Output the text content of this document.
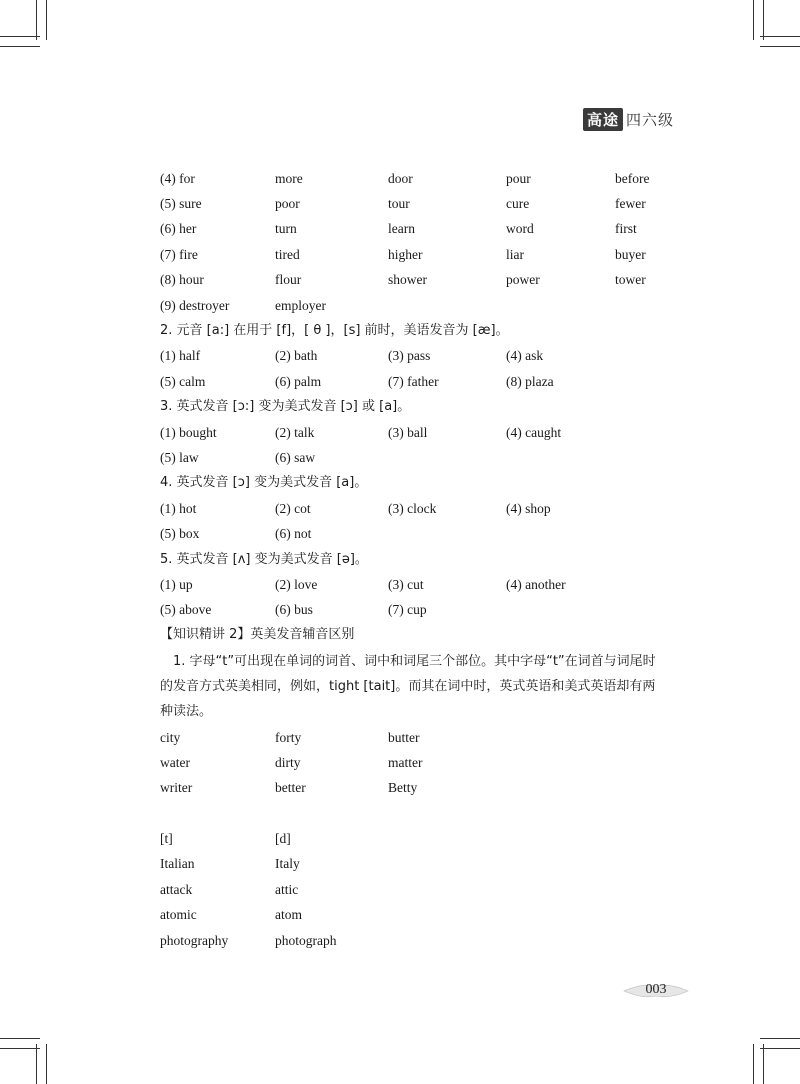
高途 四六级
(4) for	more	door	pour	before
(5) sure	poor	tour	cure	fewer
(6) her	turn	learn	word	first
(7) fire	tired	higher	liar	buyer
(8) hour	flour	shower	power	tower
(9) destroyer	employer
2. 元音 [a:] 在用于 [f]，[ θ ]，[s] 前时，美语发音为 [æ]。
(1) half	(2) bath	(3) pass	(4) ask
(5) calm	(6) palm	(7) father	(8) plaza
3. 英式发音 [ɔ:] 变为美式发音 [ɔ] 或 [a]。
(1) bought	(2) talk	(3) ball	(4) caught
(5) law	(6) saw
4. 英式发音 [ɔ] 变为美式发音 [a]。
(1) hot	(2) cot	(3) clock	(4) shop
(5) box	(6) not
5. 英式发音 [ʌ] 变为美式发音 [ə]。
(1) up	(2) love	(3) cut	(4) another
(5) above	(6) bus	(7) cup
【知识精讲 2】英美发音辅音区别
1. 字母“t”可出现在单词的词首、词中和词尾三个部位。其中字母“t”在词首与词尾时的发音方式英美相同，例如，tight [tait]。而其在词中时，英式英语和美式英语却有两种读法。
city	forty	butter
water	dirty	matter
writer	better	Betty
[t]	[d]
Italian	Italy
attack	attic
atomic	atom
photography	photograph
003
